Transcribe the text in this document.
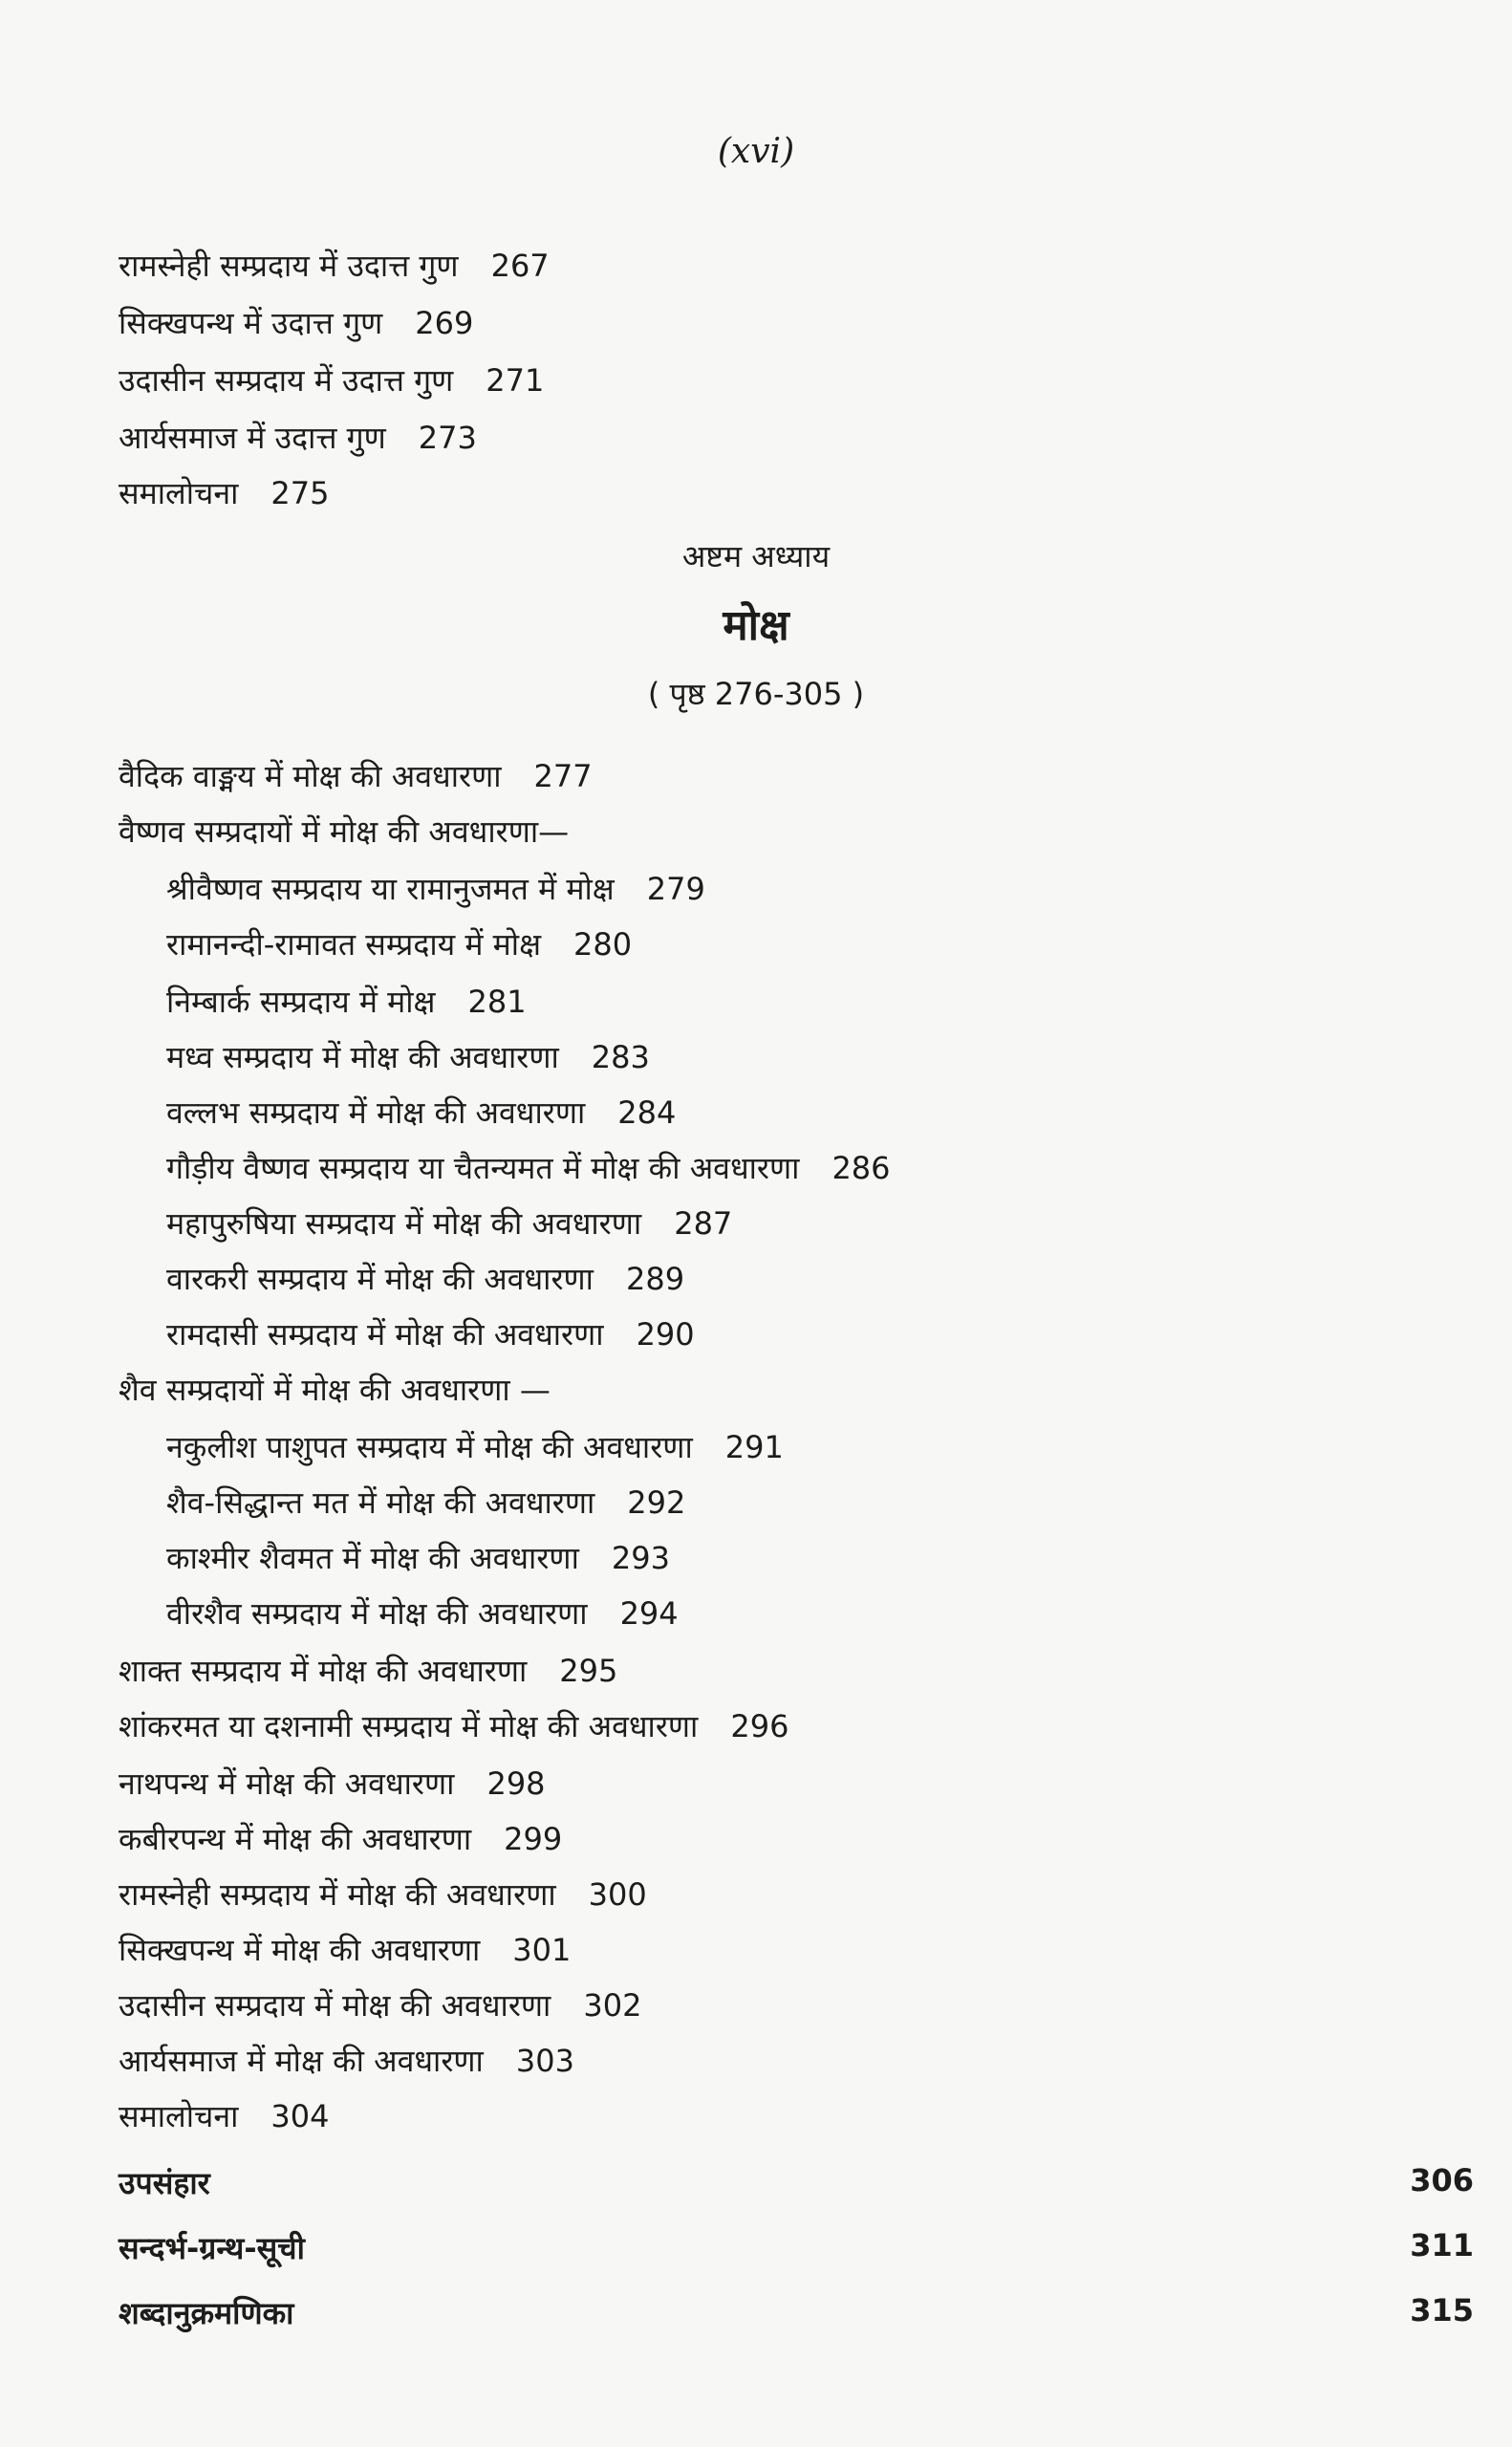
(xvi)
रामस्नेही सम्प्रदाय में उदात्त गुण 267
सिक्खपन्थ में उदात्त गुण 269
उदासीन सम्प्रदाय में उदात्त गुण 271
आर्यसमाज में उदात्त गुण 273
समालोचना 275
अष्टम अध्याय
मोक्ष
( पृष्ठ 276-305 )
वैदिक वाङ्मय में मोक्ष की अवधारणा 277
वैष्णव सम्प्रदायों में मोक्ष की अवधारणा—
श्रीवैष्णव सम्प्रदाय या रामानुजमत में मोक्ष 279
रामानन्दी-रामावत सम्प्रदाय में मोक्ष 280
निम्बार्क सम्प्रदाय में मोक्ष 281
मध्व सम्प्रदाय में मोक्ष की अवधारणा 283
वल्लभ सम्प्रदाय में मोक्ष की अवधारणा 284
गौड़ीय वैष्णव सम्प्रदाय या चैतन्यमत में मोक्ष की अवधारणा 286
महापुरुषिया सम्प्रदाय में मोक्ष की अवधारणा 287
वारकरी सम्प्रदाय में मोक्ष की अवधारणा 289
रामदासी सम्प्रदाय में मोक्ष की अवधारणा 290
शैव सम्प्रदायों में मोक्ष की अवधारणा —
नकुलीश पाशुपत सम्प्रदाय में मोक्ष की अवधारणा 291
शैव-सिद्धान्त मत में मोक्ष की अवधारणा 292
काश्मीर शैवमत में मोक्ष की अवधारणा 293
वीरशैव सम्प्रदाय में मोक्ष की अवधारणा 294
शाक्त सम्प्रदाय में मोक्ष की अवधारणा 295
शांकरमत या दशनामी सम्प्रदाय में मोक्ष की अवधारणा 296
नाथपन्थ में मोक्ष की अवधारणा 298
कबीरपन्थ में मोक्ष की अवधारणा 299
रामस्नेही सम्प्रदाय में मोक्ष की अवधारणा 300
सिक्खपन्थ में मोक्ष की अवधारणा 301
उदासीन सम्प्रदाय में मोक्ष की अवधारणा 302
आर्यसमाज में मोक्ष की अवधारणा 303
समालोचना 304
उपसंहार	306
सन्दर्भ-ग्रन्थ-सूची	311
शब्दानुक्रमणिका	315
